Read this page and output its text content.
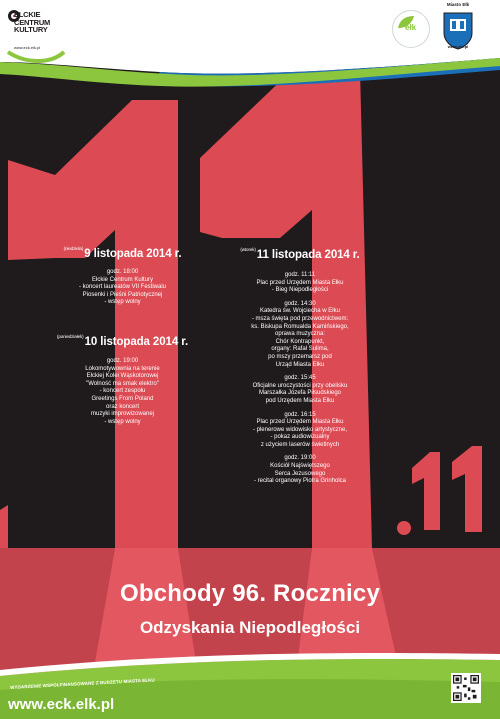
ELCKIE
CENTRUM
KULTURY
www.eck.elk.pl
ełk
Miasto Ełk
www.elk.pl
$^{(niedziela)}$9 listopada 2014 r.
godz. 18:00
Ełckie Centrum Kultury
- koncert laureatów VII Festiwalu
Piosenki i Pieśni Patriotycznej
- wstęp wolny
$^{(poniedziałek)}$10 listopada 2014 r.
godz. 19:00
Lokomotywownia na terenie
Ełckiej Kolei Wąskotorowej
"Wolność ma smak elektro"
- koncert zespołu
Greetings From Poland
oraz koncert
muzyki improwizowanej
- wstęp wolny
$^{(wtorek)}$11 listopada 2014 r.
godz. 11:11
Plac przed Urzędem Miasta Ełku
- Bieg Niepodległości
godz. 14:30
Katedra św. Wojciecha w Ełku
- msza święta pod przewodnictwem:
ks. Biskupa Romualda Kamińskiego,
oprawa muzyczna:
Chór Kontrapunkt,
organy: Rafał Sulima,
po mszy przemarsz pod
Urząd Miasta Ełku
godz. 15:45
Oficjalne uroczystości przy obelisku
Marszałka Józefa Piłsudskiego
pod Urzędem Miasta Ełku
godz. 16:15
Plac przed Urzędem Miasta Ełku
- plenerowe widowisko artystyczne,
- pokaz audiowizualny
z użyciem laserów świetlnych
godz. 19:00
Kościół Najświętszego
Serca Jezusowego
- recital organowy Piotra Grinholca
Obchody 96. Rocznicy
Odzyskania Niepodległości
WYDARZENIE WSPÓŁFINANSOWANE Z BUDŻETU MIASTA EŁKU
www.eck.elk.pl
